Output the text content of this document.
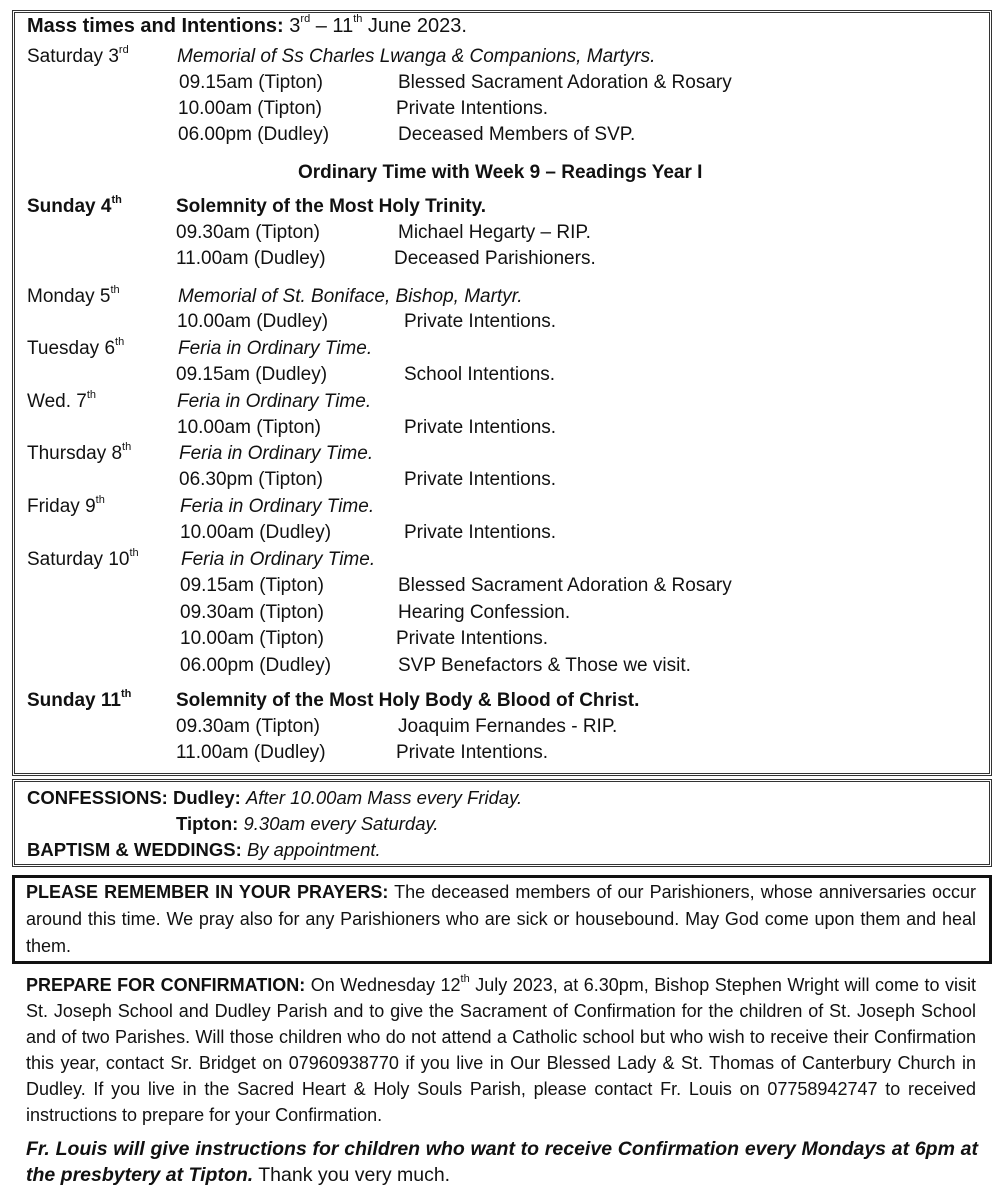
Mass times and Intentions: 3rd – 11th June 2023.
Saturday 3rd	Memorial of Ss Charles Lwanga & Companions, Martyrs.
09.15am (Tipton)	Blessed Sacrament Adoration & Rosary
10.00am (Tipton)	Private Intentions.
06.00pm (Dudley)	Deceased Members of SVP.
Ordinary Time with Week 9 – Readings Year I
Sunday 4th	Solemnity of the Most Holy Trinity.
09.30am (Tipton)	Michael Hegarty – RIP.
11.00am (Dudley)	Deceased Parishioners.
Monday 5th	Memorial of St. Boniface, Bishop, Martyr.
10.00am (Dudley)	Private Intentions.
Tuesday 6th	Feria in Ordinary Time.
09.15am (Dudley)	School Intentions.
Wed. 7th	Feria in Ordinary Time.
10.00am (Tipton)	Private Intentions.
Thursday 8th	Feria in Ordinary Time.
06.30pm (Tipton)	Private Intentions.
Friday 9th	Feria in Ordinary Time.
10.00am (Dudley)	Private Intentions.
Saturday 10th Feria in Ordinary Time.
09.15am (Tipton)	Blessed Sacrament Adoration & Rosary
09.30am (Tipton)	Hearing Confession.
10.00am (Tipton)	Private Intentions.
06.00pm (Dudley)	SVP Benefactors & Those we visit.
Sunday 11th Solemnity of the Most Holy Body & Blood of Christ.
09.30am (Tipton)	Joaquim Fernandes - RIP.
11.00am (Dudley)	Private Intentions.
CONFESSIONS: Dudley: After 10.00am Mass every Friday.
Tipton: 9.30am every Saturday.
BAPTISM & WEDDINGS: By appointment.
PLEASE REMEMBER IN YOUR PRAYERS: The deceased members of our Parishioners, whose anniversaries occur around this time. We pray also for any Parishioners who are sick or housebound. May God come upon them and heal them.
PREPARE FOR CONFIRMATION: On Wednesday 12th July 2023, at 6.30pm, Bishop Stephen Wright will come to visit St. Joseph School and Dudley Parish and to give the Sacrament of Confirmation for the children of St. Joseph School and of two Parishes. Will those children who do not attend a Catholic school but who wish to receive their Confirmation this year, contact Sr. Bridget on 07960938770 if you live in Our Blessed Lady & St. Thomas of Canterbury Church in Dudley. If you live in the Sacred Heart & Holy Souls Parish, please contact Fr. Louis on 07758942747 to received instructions to prepare for your Confirmation.
Fr. Louis will give instructions for children who want to receive Confirmation every Mondays at 6pm at the presbytery at Tipton. Thank you very much.
